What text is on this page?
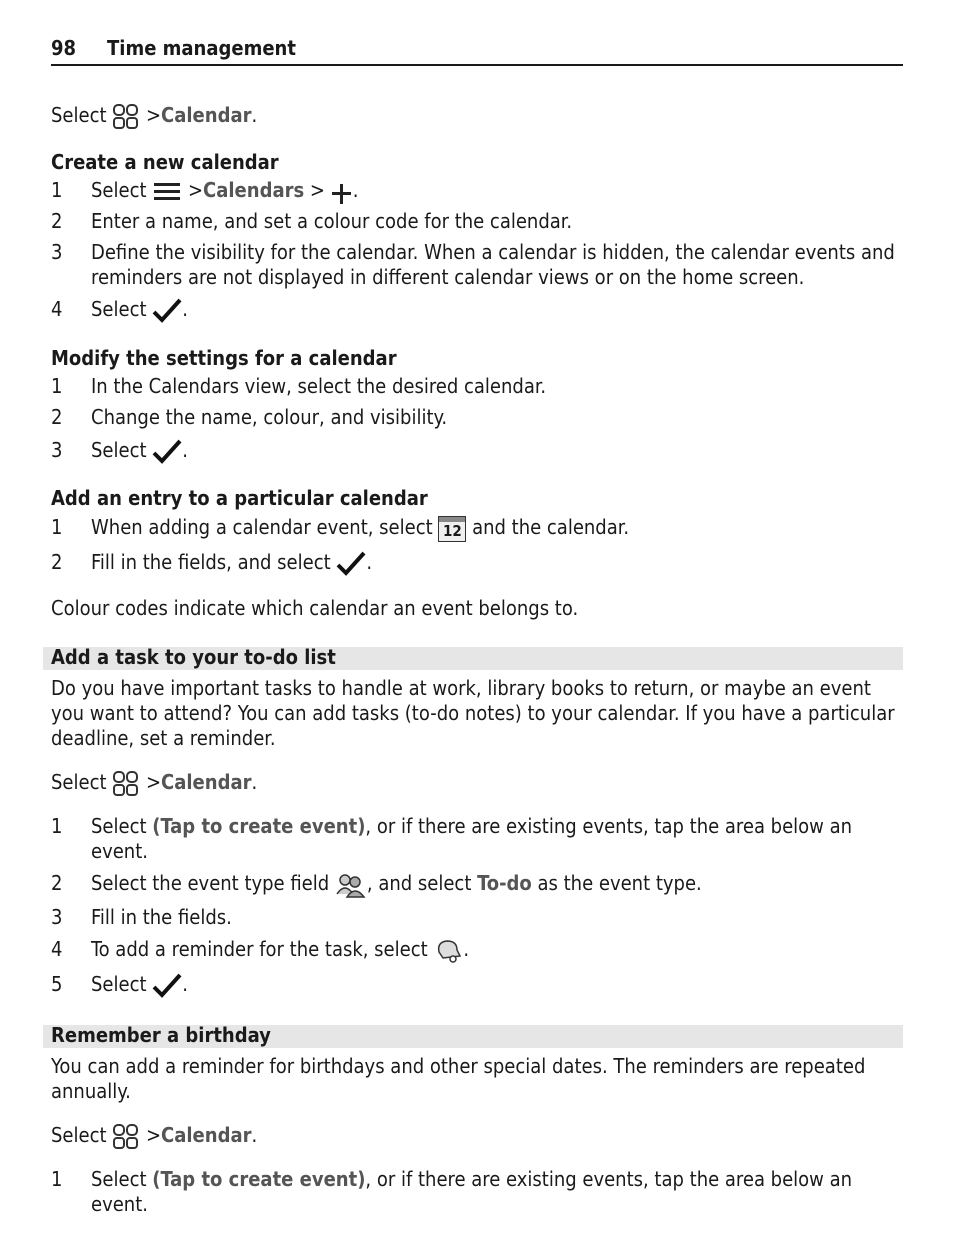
98 Time management
Select >Calendar.
Create a new calendar
1 Select >Calendars > .
2 Enter a name, and set a colour code for the calendar.
3 Define the visibility for the calendar. When a calendar is hidden, the calendar events and reminders are not displayed in different calendar views or on the home screen.
4 Select .
Modify the settings for a calendar
1 In the Calendars view, select the desired calendar.
2 Change the name, colour, and visibility.
3 Select .
Add an entry to a particular calendar
1 When adding a calendar event, select 12 and the calendar.
2 Fill in the fields, and select .
Colour codes indicate which calendar an event belongs to.
Add a task to your to-do list
Do you have important tasks to handle at work, library books to return, or maybe an event you want to attend? You can add tasks (to-do notes) to your calendar. If you have a particular deadline, set a reminder.
Select >Calendar.
1 Select (Tap to create event), or if there are existing events, tap the area below an event.
2 Select the event type field , and select To-do as the event type.
3 Fill in the fields.
4 To add a reminder for the task, select .
5 Select .
Remember a birthday
You can add a reminder for birthdays and other special dates. The reminders are repeated annually.
Select >Calendar.
1 Select (Tap to create event), or if there are existing events, tap the area below an event.
